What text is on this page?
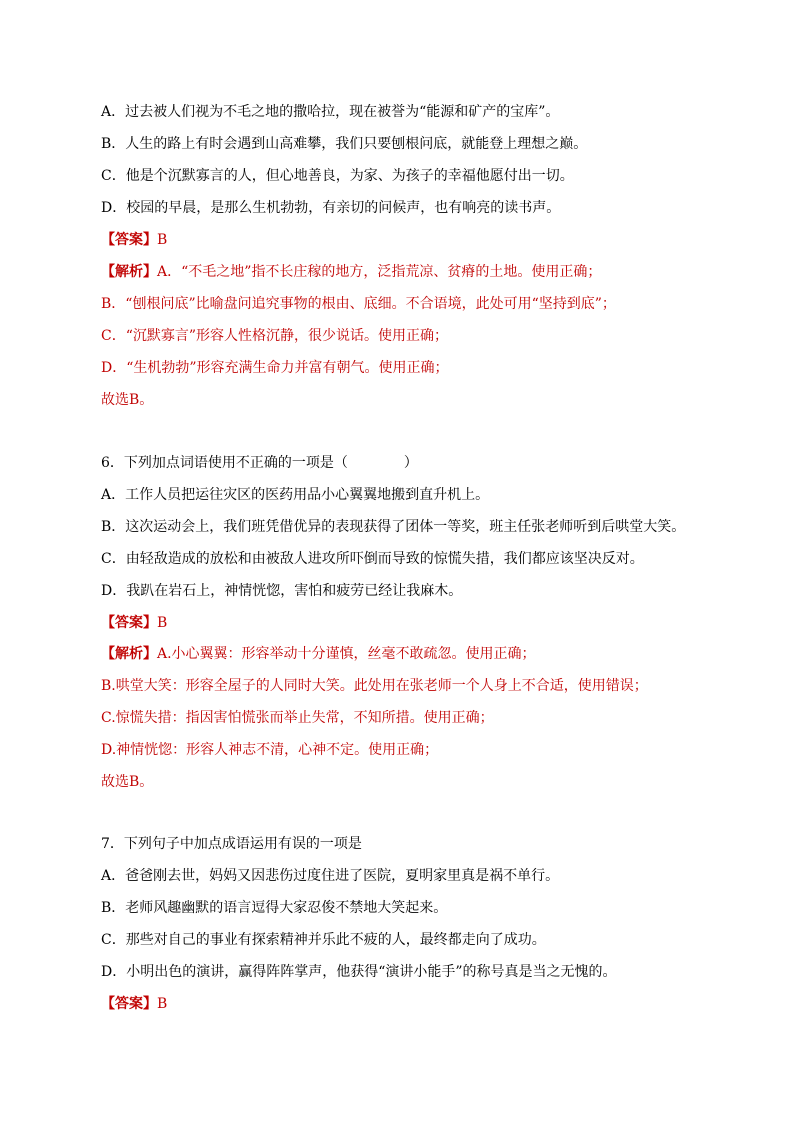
A．过去被人们视为不毛之地的撒哈拉，现在被誉为“能源和矿产的宝库”。
B．人生的路上有时会遇到山高难攀，我们只要刨根问底，就能登上理想之巅。
C．他是个沉默寡言的人，但心地善良，为家、为孩子的幸福他愿付出一切。
D．校园的早晨，是那么生机勃勃，有亲切的问候声，也有响亮的读书声。
【答案】B
【解析】A．“不毛之地”指不长庄稼的地方，泛指荒凉、贫瘠的土地。使用正确；
B．“刨根问底”比喻盘问追究事物的根由、底细。不合语境，此处可用“坚持到底”；
C．“沉默寡言”形容人性格沉静，很少说话。使用正确；
D．“生机勃勃”形容充满生命力并富有朝气。使用正确；
故选B。
6．下列加点词语使用不正确的一项是（　　　　）
A．工作人员把运往灾区的医药用品小心翼翼地搬到直升机上。
B．这次运动会上，我们班凭借优异的表现获得了团体一等奖，班主任张老师听到后哄堂大笑。
C．由轻敌造成的放松和由被敌人进攻所吓倒而导致的惊慌失措，我们都应该坚决反对。
D．我趴在岩石上，神情恍惚，害怕和疲劳已经让我麻木。
【答案】B
【解析】A.小心翼翼：形容举动十分谨慎，丝毫不敢疏忽。使用正确；
B.哄堂大笑：形容全屋子的人同时大笑。此处用在张老师一个人身上不合适，使用错误；
C.惊慌失措：指因害怕慌张而举止失常，不知所措。使用正确；
D.神情恍惚：形容人神志不清，心神不定。使用正确；
故选B。
7．下列句子中加点成语运用有误的一项是
A．爸爸刚去世，妈妈又因悲伤过度住进了医院，夏明家里真是祸不单行。
B．老师风趣幽默的语言逗得大家忍俊不禁地大笑起来。
C．那些对自己的事业有探索精神并乐此不疲的人，最终都走向了成功。
D．小明出色的演讲，赢得阵阵掌声，他获得“演讲小能手”的称号真是当之无愧的。
【答案】B
